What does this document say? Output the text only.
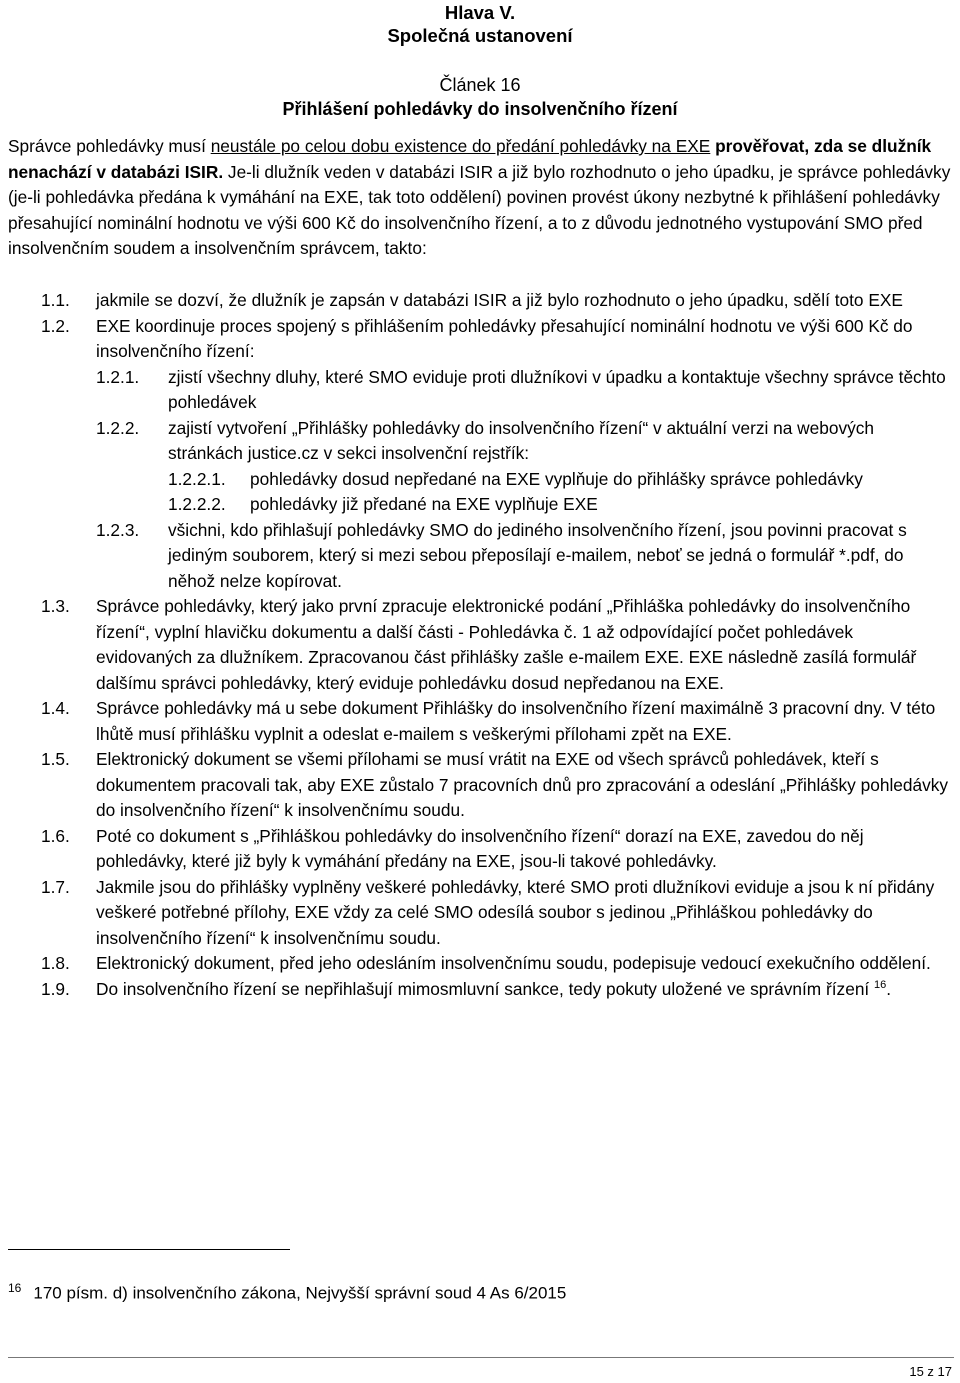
Hlava V.
Společná ustanovení
Článek 16
Přihlášení pohledávky do insolvenčního řízení
Správce pohledávky musí neustále po celou dobu existence do předání pohledávky na EXE prověřovat, zda se dlužník nenachází v databázi ISIR. Je-li dlužník veden v databázi ISIR a již bylo rozhodnuto o jeho úpadku, je správce pohledávky (je-li pohledávka předána k vymáhání na EXE, tak toto oddělení) povinen provést úkony nezbytné k přihlášení pohledávky přesahující nominální hodnotu ve výši 600 Kč do insolvenčního řízení, a to z důvodu jednotného vystupování SMO před insolvenčním soudem a insolvenčním správcem, takto:
1.1.	jakmile se dozví, že dlužník je zapsán v databázi ISIR a již bylo rozhodnuto o jeho úpadku, sdělí toto EXE
1.2.	EXE koordinuje proces spojený s přihlášením pohledávky přesahující nominální hodnotu ve výši 600 Kč do insolvenčního řízení:
1.2.1.	zjistí všechny dluhy, které SMO eviduje proti dlužníkovi v úpadku a kontaktuje všechny správce těchto pohledávek
1.2.2.	zajistí vytvoření „Přihlášky pohledávky do insolvenčního řízení“ v aktuální verzi na webových stránkách justice.cz v sekci insolvenční rejstřík:
1.2.2.1.	pohledávky dosud nepředané na EXE vyplňuje do přihlášky správce pohledávky
1.2.2.2.	pohledávky již předané na EXE vyplňuje EXE
1.2.3.	všichni, kdo přihlašují pohledávky SMO do jediného insolvenčního řízení, jsou povinni pracovat s jediným souborem, který si mezi sebou přeposílají e-mailem, neboť se jedná o formulář *.pdf, do něhož nelze kopírovat.
1.3.	Správce pohledávky, který jako první zpracuje elektronické podání „Přihláška pohledávky do insolvenčního řízení“, vyplní hlavičku dokumentu a další části - Pohledávka č. 1 až odpovídající počet pohledávek evidovaných za dlužníkem. Zpracovanou část přihlášky zašle e-mailem EXE. EXE následně zasílá formulář dalšímu správci pohledávky, který eviduje pohledávku dosud nepředanou na EXE.
1.4.	Správce pohledávky má u sebe dokument Přihlášky do insolvenčního řízení maximálně 3 pracovní dny. V této lhůtě musí přihlášku vyplnit a odeslat e-mailem s veškerými přílohami zpět na EXE.
1.5.	Elektronický dokument se všemi přílohami se musí vrátit na EXE od všech správců pohledávek, kteří s dokumentem pracovali tak, aby EXE zůstalo 7 pracovních dnů pro zpracování a odeslání „Přihlášky pohledávky do insolvenčního řízení“ k insolvenčnímu soudu.
1.6.	Poté co dokument s „Přihláškou pohledávky do insolvenčního řízení“ dorazí na EXE, zavedou do něj pohledávky, které již byly k vymáhání předány na EXE, jsou-li takové pohledávky.
1.7.	Jakmile jsou do přihlášky vyplněny veškeré pohledávky, které SMO proti dlužníkovi eviduje a jsou k ní přidány veškeré potřebné přílohy, EXE vždy za celé SMO odesílá soubor s jedinou „Přihláškou pohledávky do insolvenčního řízení“ k insolvenčnímu soudu.
1.8.	Elektronický dokument, před jeho odesláním insolvenčnímu soudu, podepisuje vedoucí exekučního oddělení.
1.9.	Do insolvenčního řízení se nepřihlašují mimosmluvní sankce, tedy pokuty uložené ve správním řízení $^{16}$.
$^{16}$ 170 písm. d) insolvenčního zákona, Nejvyšší správní soud 4 As 6/2015
15 z 17
